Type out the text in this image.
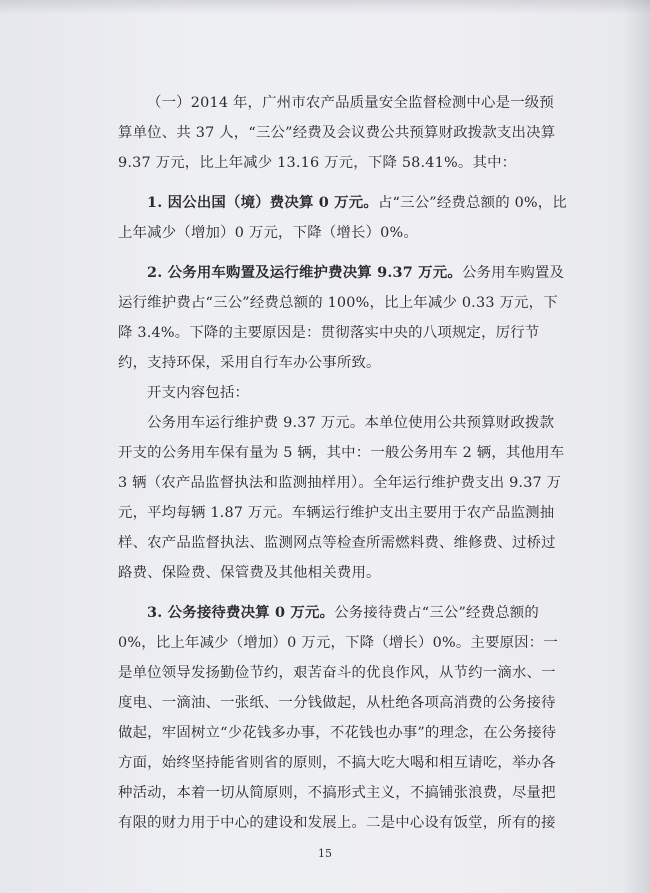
（一）2014 年，广州市农产品质量安全监督检测中心是一级预算单位、共 37 人，“三公”经费及会议费公共预算财政拨款支出决算 9.37 万元，比上年减少 13.16 万元，下降 58.41%。其中：

1. 因公出国（境）费决算 0 万元。占“三公”经费总额的 0%，比上年减少（增加）0 万元，下降（增长）0%。

2. 公务用车购置及运行维护费决算 9.37 万元。公务用车购置及运行维护费占“三公”经费总额的 100%，比上年减少 0.33 万元，下降 3.4%。下降的主要原因是：贯彻落实中央的八项规定，厉行节约，支持环保，采用自行车办公事所致。

开支内容包括：

公务用车运行维护费 9.37 万元。本单位使用公共预算财政拨款开支的公务用车保有量为 5 辆，其中：一般公务用车 2 辆，其他用车 3 辆（农产品监督执法和监测抽样用）。全年运行维护费支出 9.37 万元，平均每辆 1.87 万元。车辆运行维护支出主要用于农产品监测抽样、农产品监督执法、监测网点等检查所需燃料费、维修费、过桥过路费、保险费、保管费及其他相关费用。

3. 公务接待费决算 0 万元。公务接待费占“三公”经费总额的 0%，比上年减少（增加）0 万元，下降（增长）0%。主要原因：一是单位领导发扬勤俭节约，艰苦奋斗的优良作风，从节约一滴水、一度电、一滴油、一张纸、一分钱做起，从杜绝各项高消费的公务接待做起，牢固树立“少花钱多办事，不花钱也办事”的理念，在公务接待方面，始终坚持能省则省的原则，不搞大吃大喝和相互请吃，举办各种活动，本着一切从简原则，不搞形式主义，不搞铺张浪费，尽量把有限的财力用于中心的建设和发展上。二是中心设有饭堂，所有的接

15
